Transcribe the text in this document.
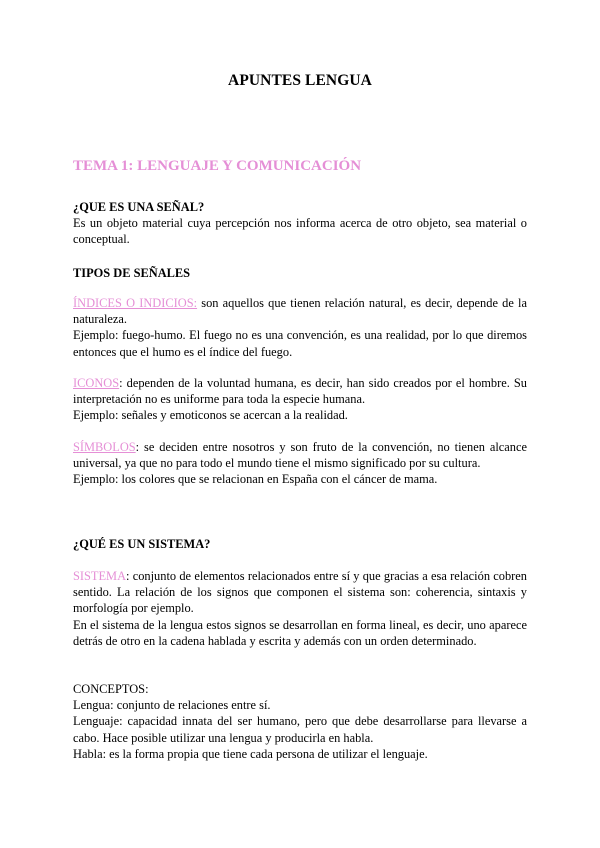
APUNTES LENGUA
TEMA 1: LENGUAJE Y COMUNICACIÓN

¿QUE ES UNA SEÑAL?

Es un objeto material cuya percepción nos informa acerca de otro objeto, sea material o conceptual.

TIPOS DE SEÑALES

ÍNDICES O INDICIOS: son aquellos que tienen relación natural, es decir, depende de la naturaleza.

Ejemplo: fuego-humo. El fuego no es una convención, es una realidad, por lo que diremos entonces que el humo es el índice del fuego.

ICONOS: dependen de la voluntad humana, es decir, han sido creados por el hombre. Su interpretación no es uniforme para toda la especie humana.

Ejemplo: señales y emoticonos se acercan a la realidad.

SÍMBOLOS: se deciden entre nosotros y son fruto de la convención, no tienen alcance universal, ya que no para todo el mundo tiene el mismo significado por su cultura.

Ejemplo: los colores que se relacionan en España con el cáncer de mama.

¿QUÉ ES UN SISTEMA?

SISTEMA: conjunto de elementos relacionados entre sí y que gracias a esa relación cobren sentido. La relación de los signos que componen el sistema son: coherencia, sintaxis y morfología por ejemplo.

En el sistema de la lengua estos signos se desarrollan en forma lineal, es decir, uno aparece detrás de otro en la cadena hablada y escrita y además con un orden determinado.

CONCEPTOS:

Lengua: conjunto de relaciones entre sí.

Lenguaje: capacidad innata del ser humano, pero que debe desarrollarse para llevarse a cabo. Hace posible utilizar una lengua y producirla en habla.

Habla: es la forma propia que tiene cada persona de utilizar el lenguaje.
